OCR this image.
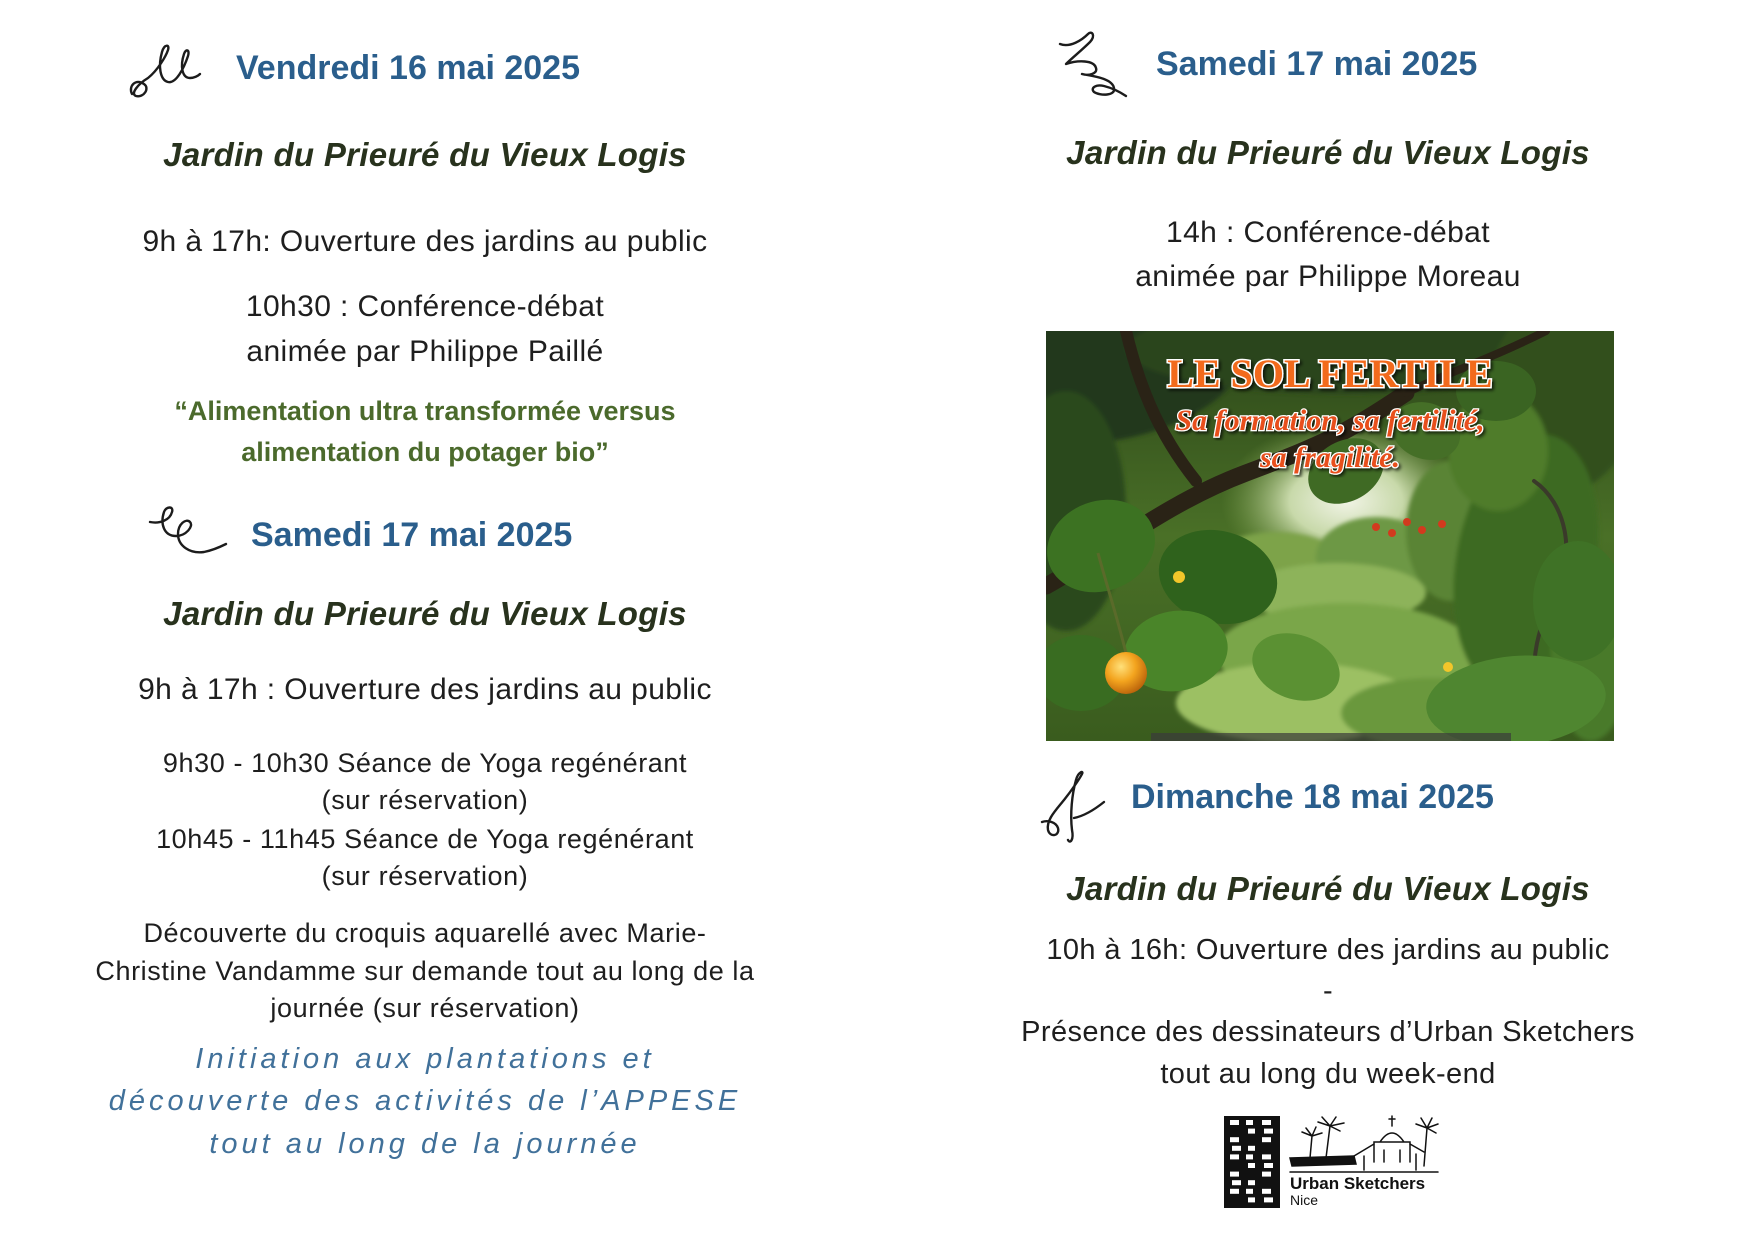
Vendredi 16 mai 2025
Jardin du Prieuré du Vieux Logis
9h à 17h: Ouverture des jardins au public
10h30 : Conférence-débat
animée par Philippe Paillé
“Alimentation ultra transformée versus
alimentation du potager bio”
Samedi 17 mai 2025
Jardin du Prieuré du Vieux Logis
9h à 17h : Ouverture des jardins au public
9h30 - 10h30 Séance de Yoga regénérant
(sur réservation)
10h45 - 11h45 Séance de Yoga regénérant
(sur réservation)
Découverte du croquis aquarellé avec Marie-
Christine Vandamme sur demande tout au long de la
journée (sur réservation)
Initiation aux plantations et
découverte des activités de l’APPESE
tout au long de la journée
Samedi 17 mai 2025
Jardin du Prieuré du Vieux Logis
14h : Conférence-débat
animée par Philippe Moreau
LE SOL FERTILE
Sa formation, sa fertilité,
sa fragilité.
Dimanche 18 mai 2025
Jardin du Prieuré du Vieux Logis
10h à 16h: Ouverture des jardins au public
-
Présence des dessinateurs d’Urban Sketchers
tout au long du week-end
Urban Sketchers
Nice
